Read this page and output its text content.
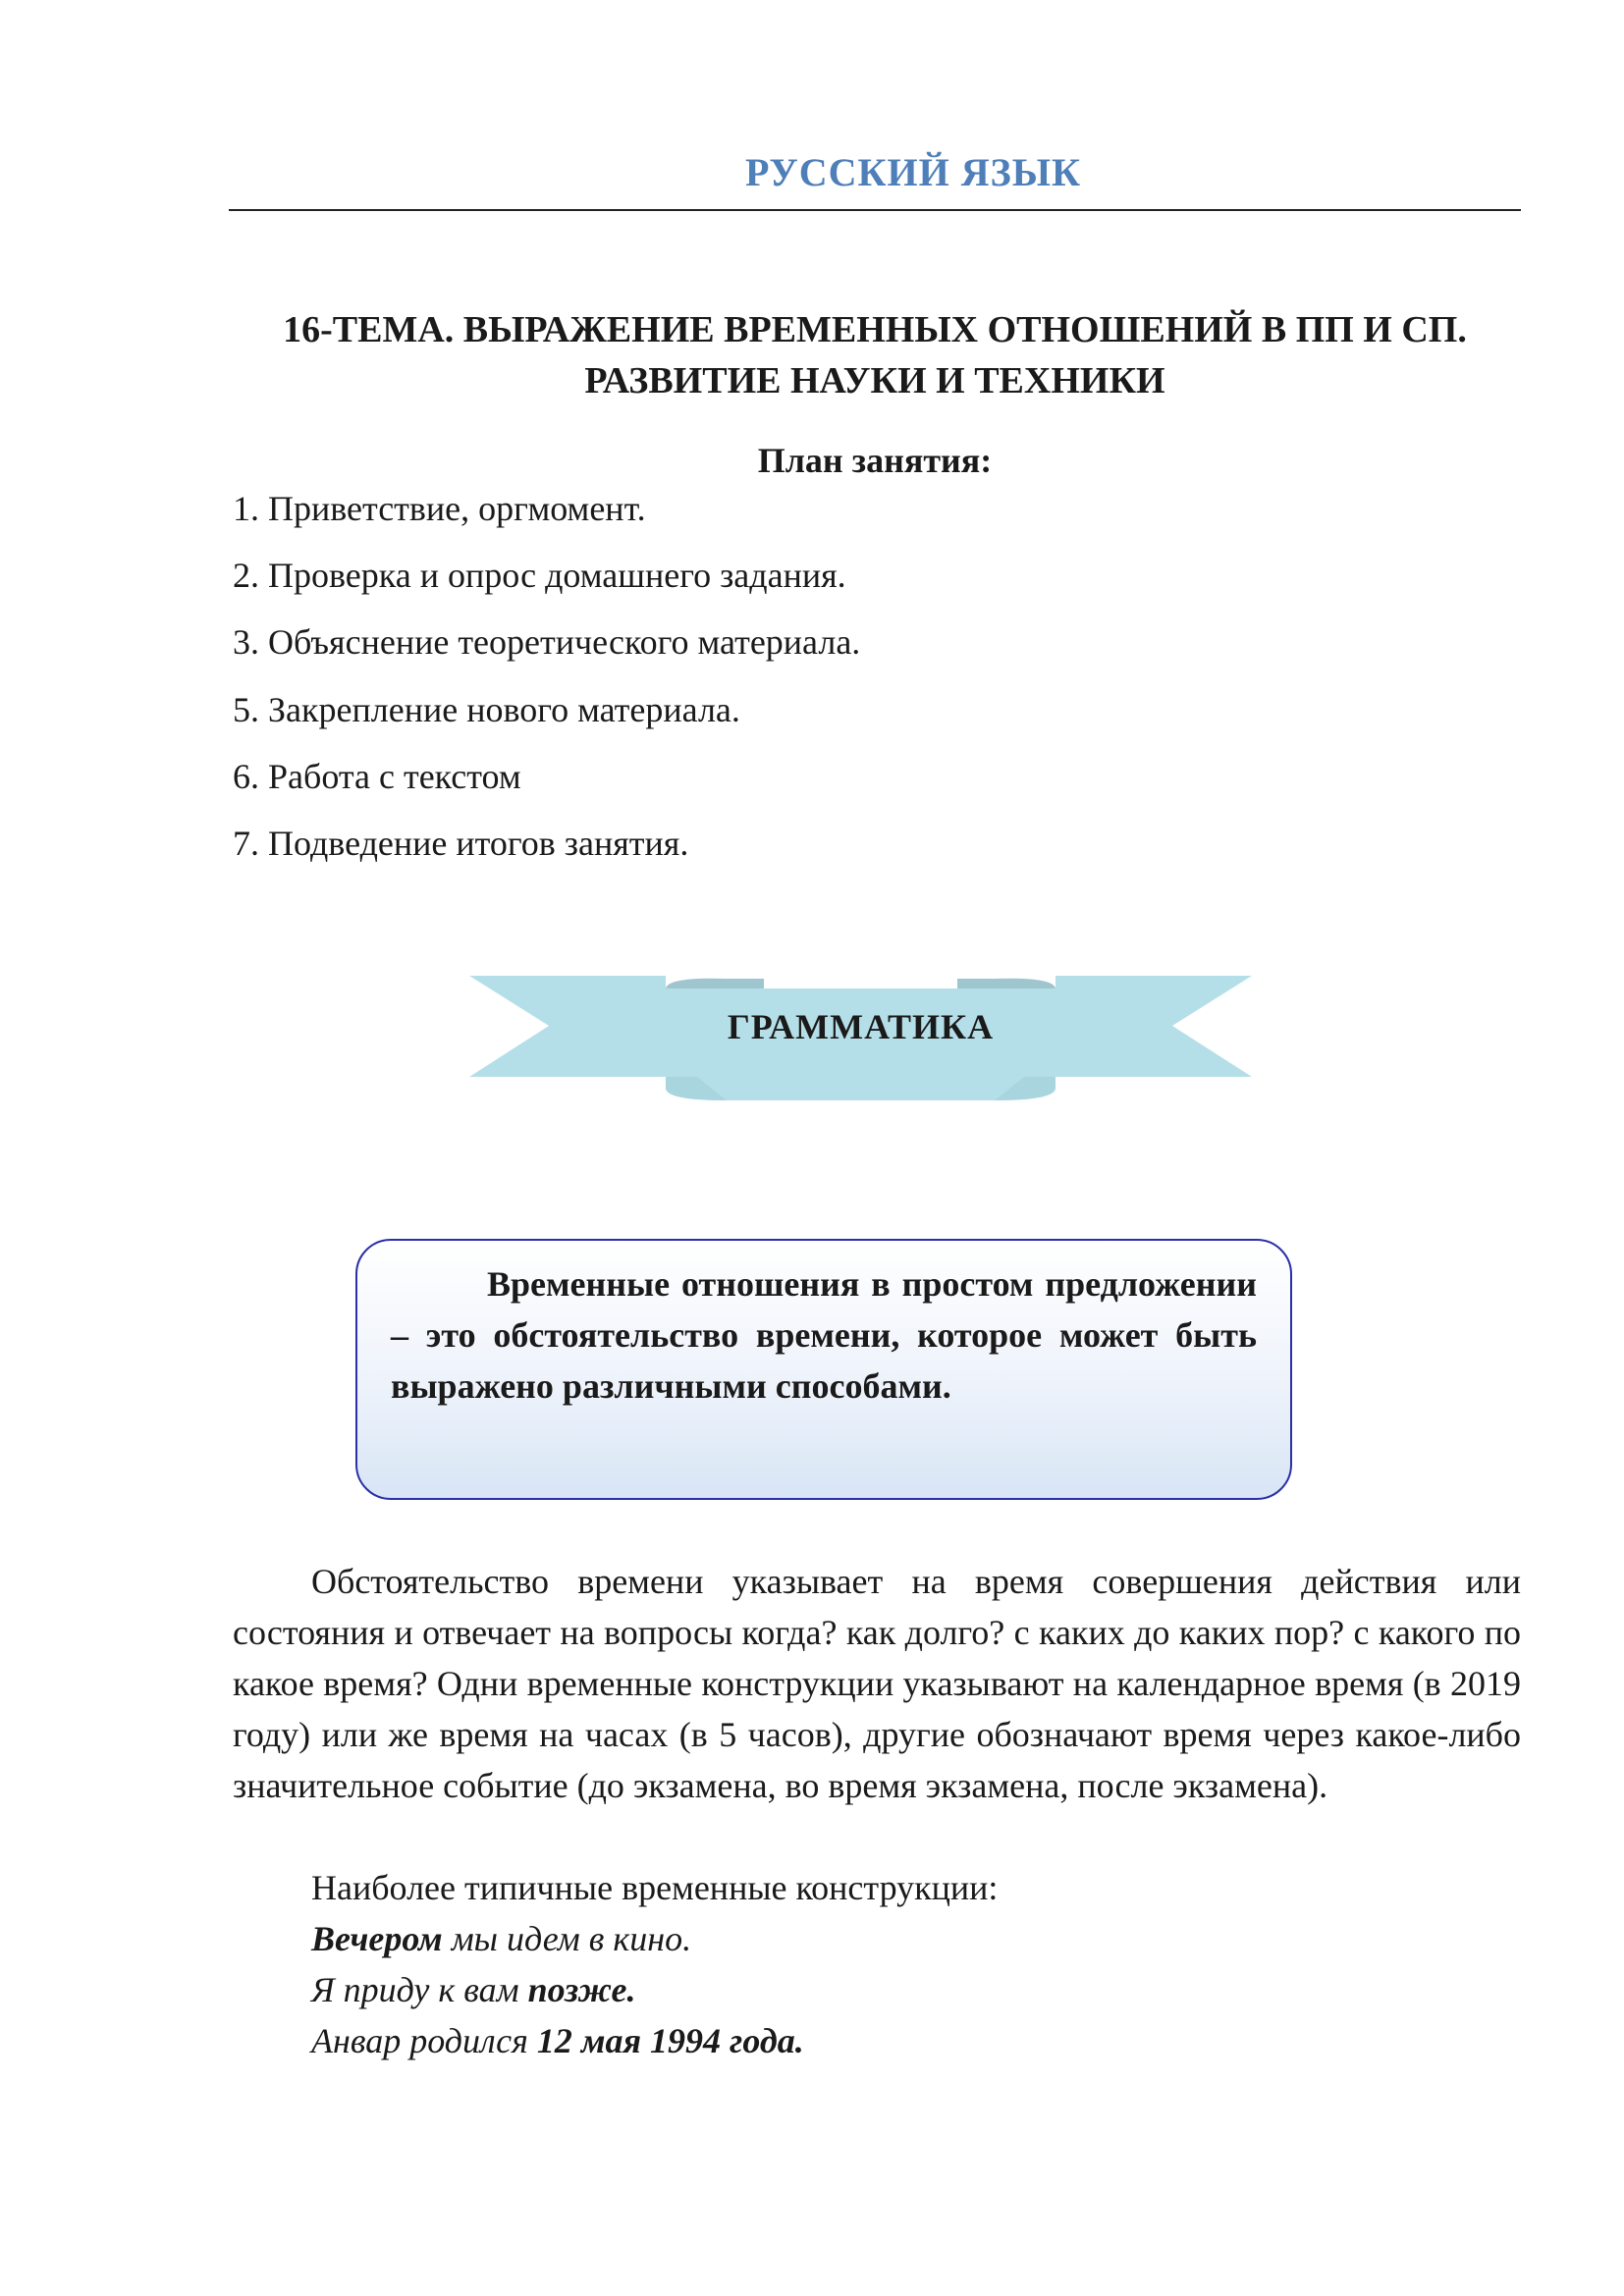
РУССКИЙ ЯЗЫК
16-ТЕМА. ВЫРАЖЕНИЕ ВРЕМЕННЫХ ОТНОШЕНИЙ В ПП И СП.
РАЗВИТИЕ НАУКИ И ТЕХНИКИ
План занятия:
1. Приветствие, оргмомент.
2. Проверка и опрос домашнего задания.
3. Объяснение теоретического материала.
5. Закрепление нового материала.
6. Работа с текстом
7. Подведение итогов занятия.
ГРАММАТИКА
Временные отношения в простом предложении – это обстоятельство времени, которое может быть выражено различными способами.

Обстоятельство времени указывает на время совершения действия или состояния и отвечает на вопросы когда? как долго? с каких до каких пор? с какого по какое время? Одни временные конструкции указывают на календарное время (в 2019 году) или же время на часах (в 5 часов), другие обозначают время через какое-либо значительное событие (до экзамена, во время экзамена, после экзамена).

Наиболее типичные временные конструкции:
Вечером мы идем в кино.
Я приду к вам позже.
Анвар родился 12 мая 1994 года.
